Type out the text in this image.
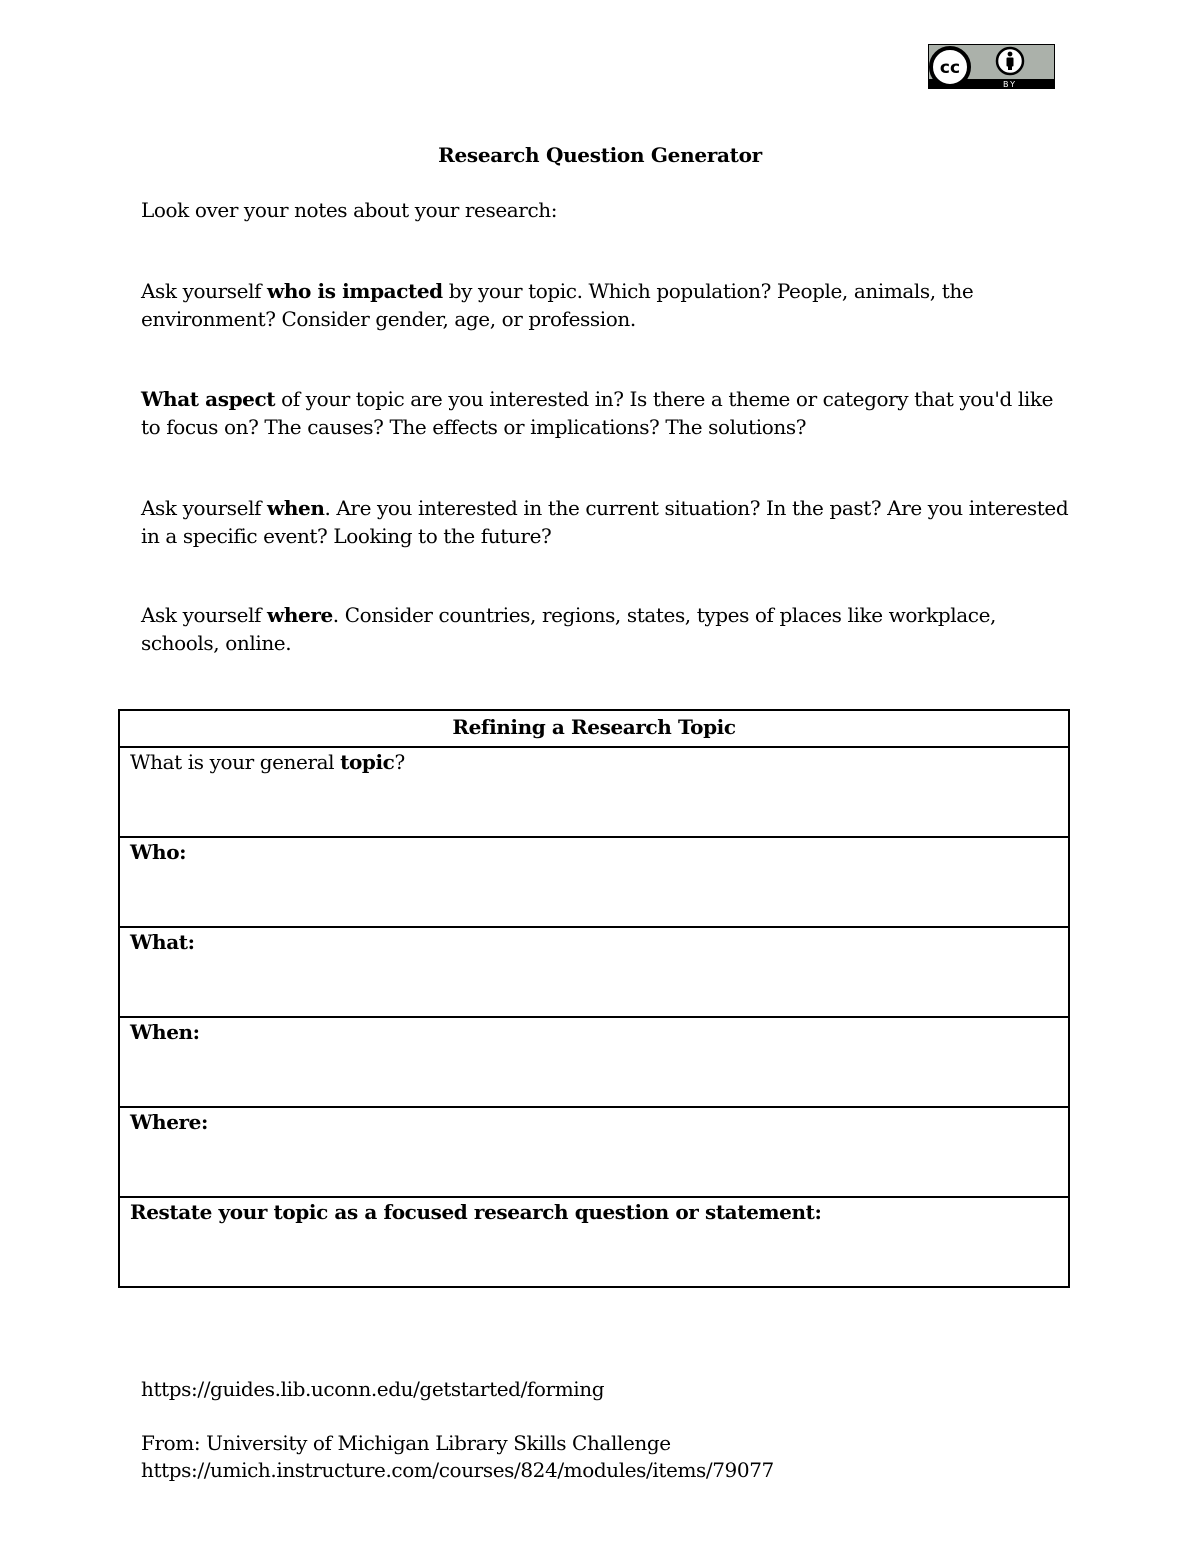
cc
BY
Research Question Generator
Look over your notes about your research:
Ask yourself who is impacted by your topic. Which population? People, animals, the environment? Consider gender, age, or profession.
What aspect of your topic are you interested in? Is there a theme or category that you'd like to focus on? The causes? The effects or implications? The solutions?
Ask yourself when. Are you interested in the current situation? In the past? Are you interested in a specific event? Looking to the future?
Ask yourself where. Consider countries, regions, states, types of places like workplace, schools, online.
Refining a Research Topic
What is your general topic?
Who:
What:
When:
Where:
Restate your topic as a focused research question or statement:
https://guides.lib.uconn.edu/getstarted/forming
From: University of Michigan Library Skills Challenge
https://umich.instructure.com/courses/824/modules/items/79077
